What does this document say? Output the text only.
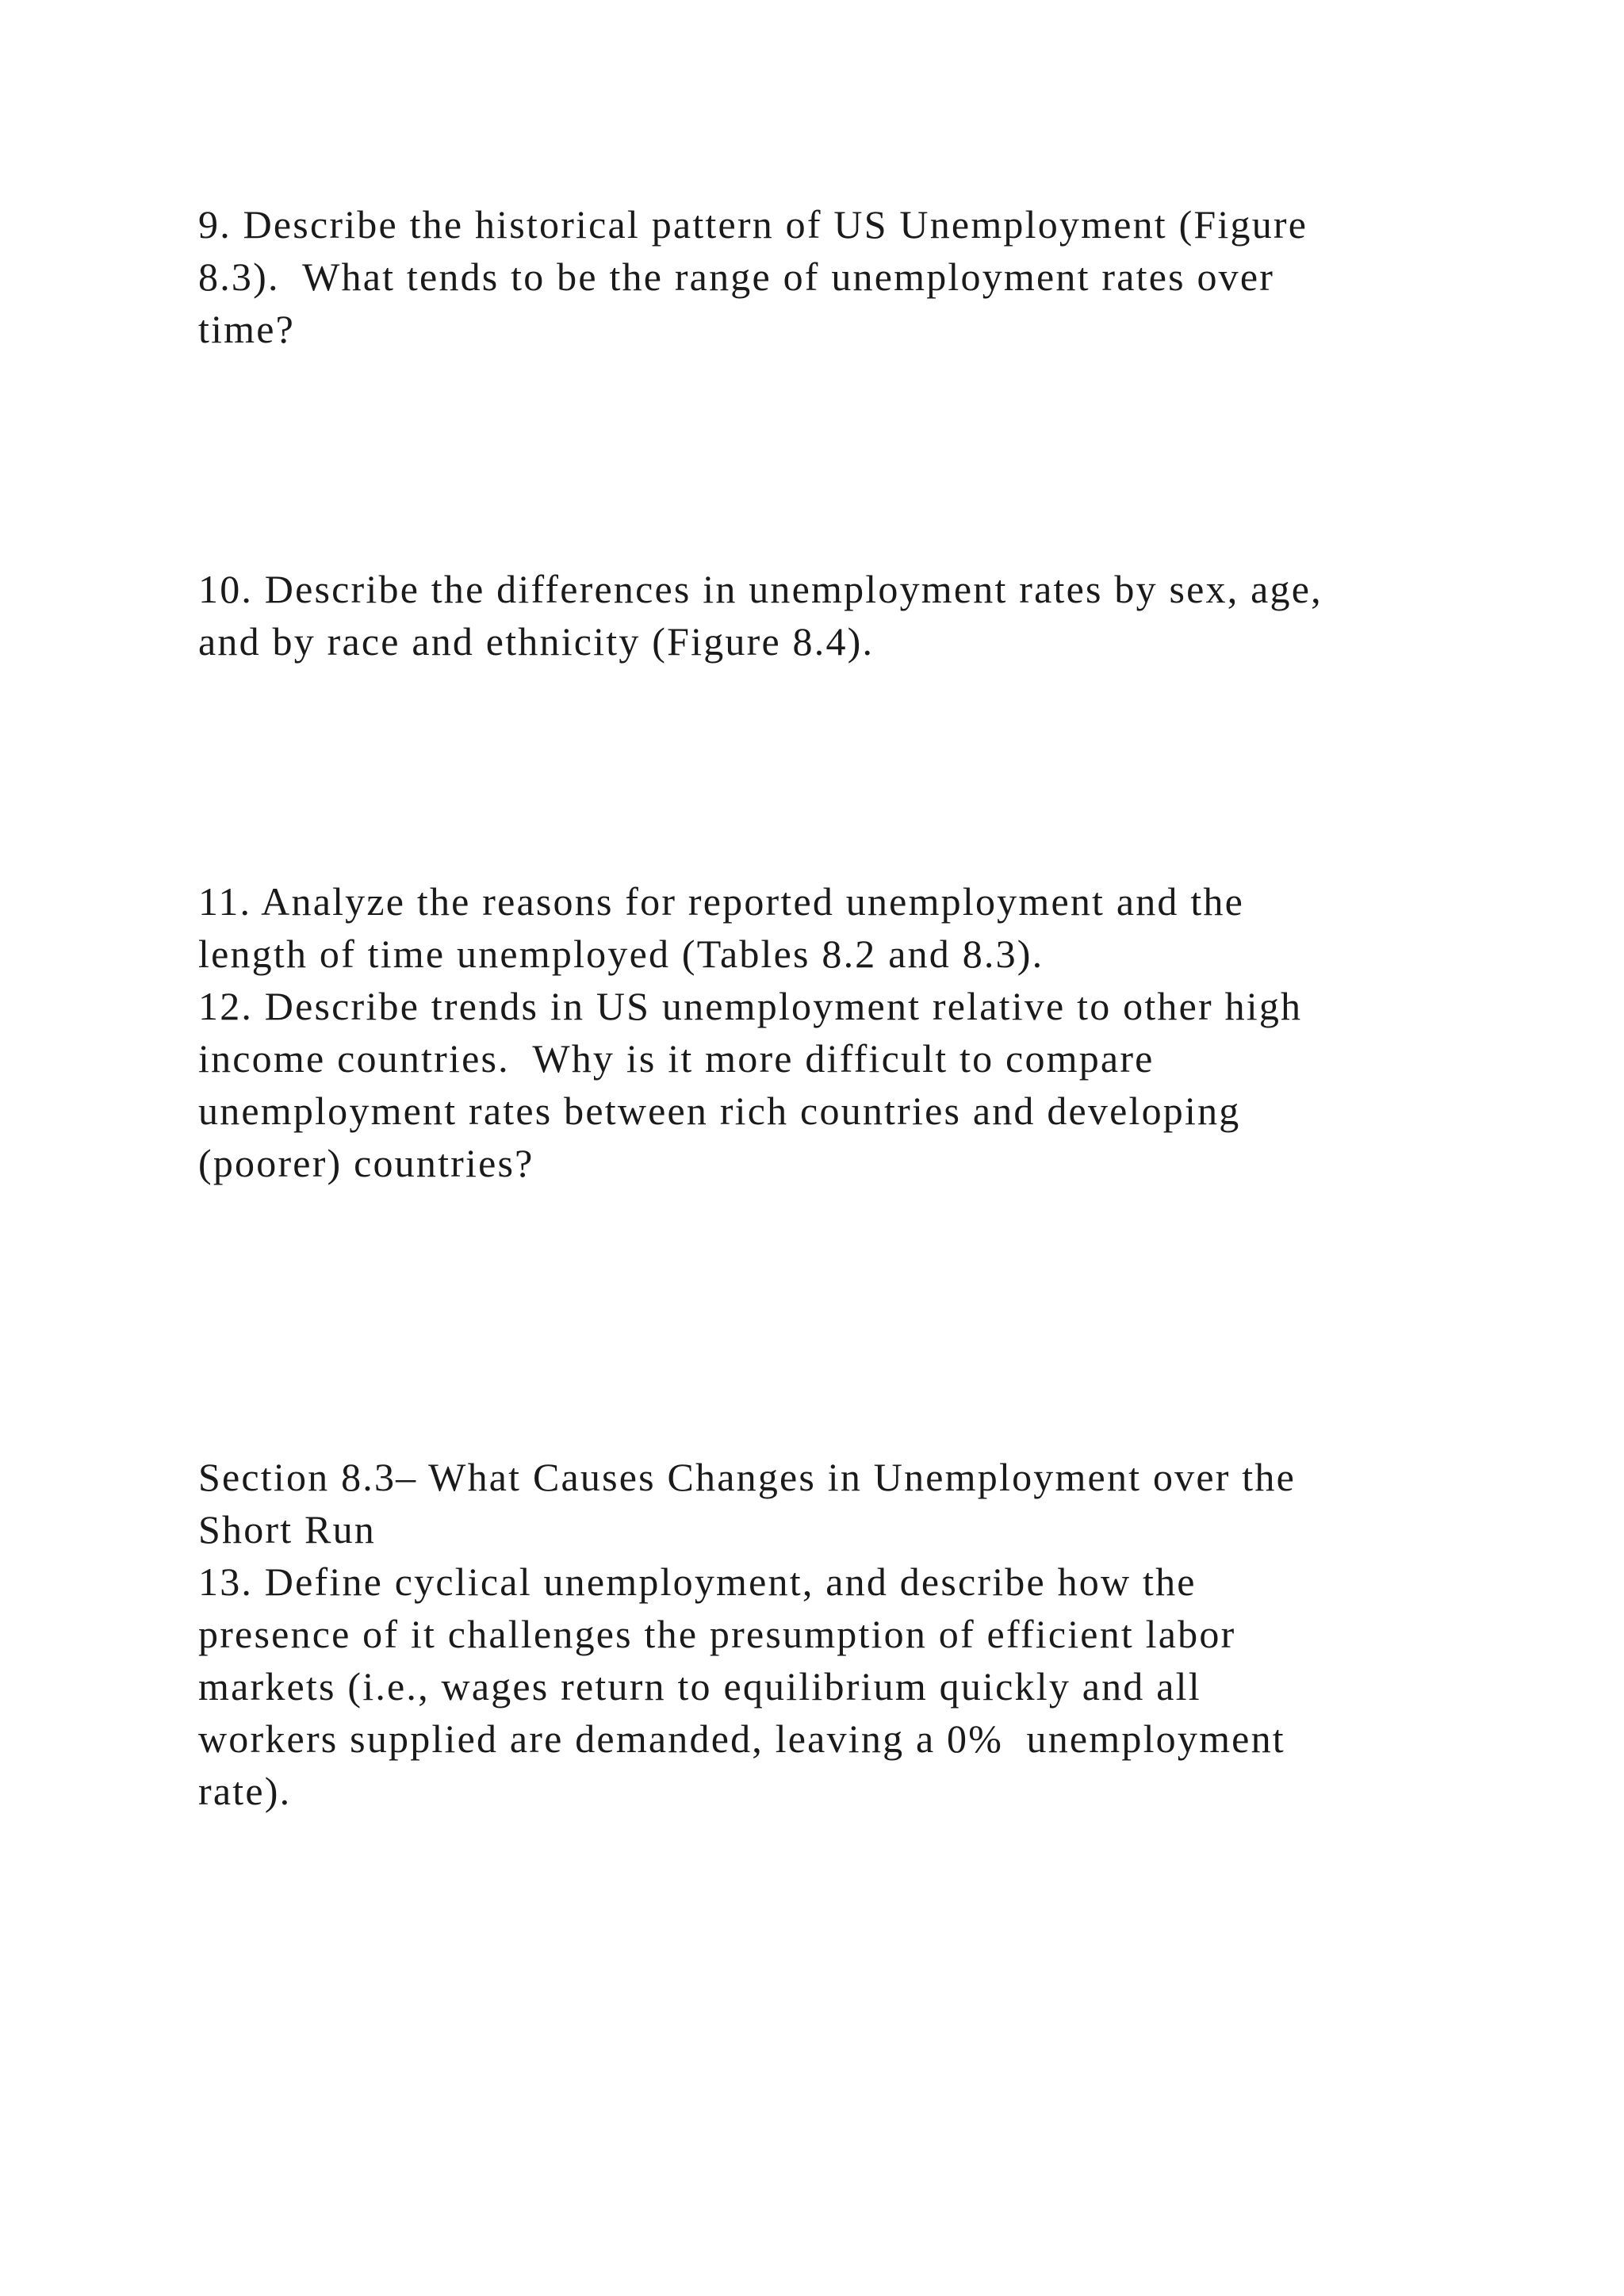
9. Describe the historical pattern of US Unemployment (Figure

8.3).  What tends to be the range of unemployment rates over

time?

10. Describe the differences in unemployment rates by sex, age,

and by race and ethnicity (Figure 8.4).

11. Analyze the reasons for reported unemployment and the

length of time unemployed (Tables 8.2 and 8.3).

12. Describe trends in US unemployment relative to other high

income countries.  Why is it more difficult to compare

unemployment rates between rich countries and developing

(poorer) countries?

Section 8.3– What Causes Changes in Unemployment over the

Short Run

13. Define cyclical unemployment, and describe how the

presence of it challenges the presumption of efficient labor

markets (i.e., wages return to equilibrium quickly and all

workers supplied are demanded, leaving a 0%  unemployment

rate).
